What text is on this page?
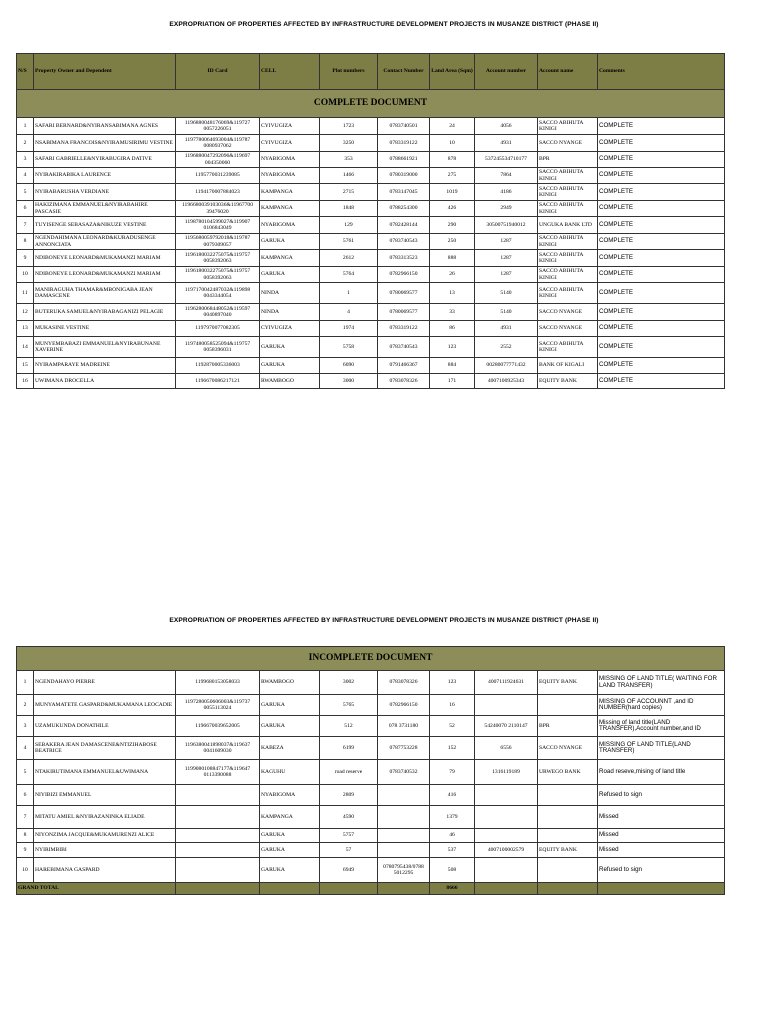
EXPROPRIATION OF PROPERTIES AFFECTED BY INFRASTRUCTURE DEVELOPMENT PROJECTS IN MUSANZE DISTRICT (PHASE II)
N/S	Property Owner and Dependent	ID Card	CELL	Plot numbers	Contact Number	Land Area (Sqm)	Account number	Account name	Comments
COMPLETE DOCUMENT									
1	SAFARI BERNARD&NYIRANSABIMANA AGNES	1196880048176069&119727 0057226051	CYIVUGIZA	1723	0783740501	24	4056	SACCO ABIHUTA KINIGI	COMPLETE
2	NSABIMANA FRANCOIS&NYIRAMUSIRIMU VESTINE	1197780064693004&119787 0080937062	CYIVUGIZA	3250	0783319122	10	4931	SACCO NYANGE	COMPLETE
3	SAFARI GABRIELLE&NYIRABUGIRA DATIVE	1196880047292096&119697 004350060	NYABIGOMA	353	0788661921	878	537245534710177	BPR	COMPLETE
4	NYIRAKIRABIKA LAURENCE	1195770031239085	NYABIGOMA	1466	0780319000	275	7864	SACCO ABIHUTA KINIGI	COMPLETE
5	NYIRABARUSHA VERDIANE	1194170007884023	KAMPANGA	2715	0783147045	1019	4186	SACCO ABIHUTA KINIGI	COMPLETE
6	HAKIZIMANA EMMANUEL&NYIRABAHIRE PASCASIE	1196680039103036&11967700 39476020	KAMPANGA	1848	0788254300	426	2949	SACCO ABIHUTA KINIGI	COMPLETE
7	TUYISENGE SEBASAZA&NIKUZE VESTINE	1198780104599027&119907 0106843049	NYABIGOMA	129	0782428144	290	30500751940012	UNGUKA BANK LTD	COMPLETE
8	NGENDAHIMANA LEONARD&KURADUSENGE ANNONCIATA	1195680059792018&119787 0079309057	GARUKA	5761	0783740543	250	1287	SACCO ABIHUTA KINIGI	COMPLETE
9	NDIBONEYE LEONARD&MUKAMANZI MARIAM	1196180032275075&119757 0058392063	KAMPANGA	2612	0783313523	888	1287	SACCO ABIHUTA KINIGI	COMPLETE
10	NDIBONEYE LEONARD&MUKAMANZI MARIAM	1196180032275075&119757 0058392063	GARUKA	5764	0782966150	26	1287	SACCO ABIHUTA KINIGI	COMPLETE
11	MANIRAGUHA THAMAR&MBONIGABA JEAN DAMASCENE	1197170042487032&119898 0043344054	NINDA	1	0780069577	13	5140	SACCO ABIHUTA KINIGI	COMPLETE
12	BUTERUKA SAMUEL&NYIRABAGANIZI PELAGIE	1196280068448052&119597 0040897040	NINDA	4	0780069577	33	5140	SACCO NYANGE	COMPLETE
13	MUKASINE VESTINE	1197970077082305	CYIVUGIZA	1974	0783319122	86	4931	SACCO NYANGE	COMPLETE
14	MUNYEMBABAZI EMMANUEL&NYIRABUNANE XAVERINE	1197480058525094&119757 0058396031	GARUKA	5758	0783740543	123	2552	SACCO ABIHUTA KINIGI	COMPLETE
15	NYIRAMPARAYE MADREINE	1192870005336003	GARUKA	6090	0791466367	884	00280077771432	BANK OF KIGALI	COMPLETE
16	UWIMANA DROCELLA	1196670086217121	RWAMBOGO	3000	0783078326	171	4007100925343	EQUITY BANK	COMPLETE
EXPROPRIATION OF PROPERTIES AFFECTED BY INFRASTRUCTURE DEVELOPMENT PROJECTS IN MUSANZE DISTRICT (PHASE II)
INCOMPLETE DOCUMENT									
1	NGENDAHAYO PIERRE	1199680153058033	RWAMBOGO	3002	0783078326	123	4007111924631	EQUITY BANK	MISSING OF LAND TITLE( WAITING FOR LAND TRANSFER)
2	MUNYAMATETE GASPARD&MUKAMANA LEOCADIE	1197280050606003&119737 0055113024	GARUKA	5765	0782966150	16			MISSING OF ACCOUNNT ,and ID NUMBER(hard copies)
3	UZAMUKUNDA DONATHILE	1196670039652005	GARUKA	512	078 3731180	52	54240070 2110147	BPR	Missing of land title(LAND TRANSFER),Account number,and ID
4	SEBAKERA JEAN DAMASCENE&NTIZIHABOSE BEATRICE	1196380041898037&119637 0041609030	KABEZA	6199	0787753228	152	6556	SACCO NYANGE	MISSING OF LAND TITLE(LAND TRANSFER)
5	NTAKIRUTIMANA EMMANUEL&UWIMANA	1199080108847177&119647 0113390088	KAGUHU	road reserve	0783740532	79	1316119189	URWEGO BANK	Road reseve,mising of land title
6	NIYIBIZI EMMANUEL		NYABIGOMA	2809		416			Refused to sign
7	MITATU AMIEL &NYIRAZANINKA ELIADE		KAMPANGA	4590		1379			Missed
8	NIYONZIMA JACQUE&MUKAMURENZI ALICE		GARUKA	5757		46			Missed
9	NYIRIMBIBI		GARUKA	57		537	4007100002579	EQUITY BANK	Missed
10	HAREBIMANA GASPARD		GARUKA	6949	0780795438/0788 5012295	508			Refused to sign
GRAND TOTAL						8666			
